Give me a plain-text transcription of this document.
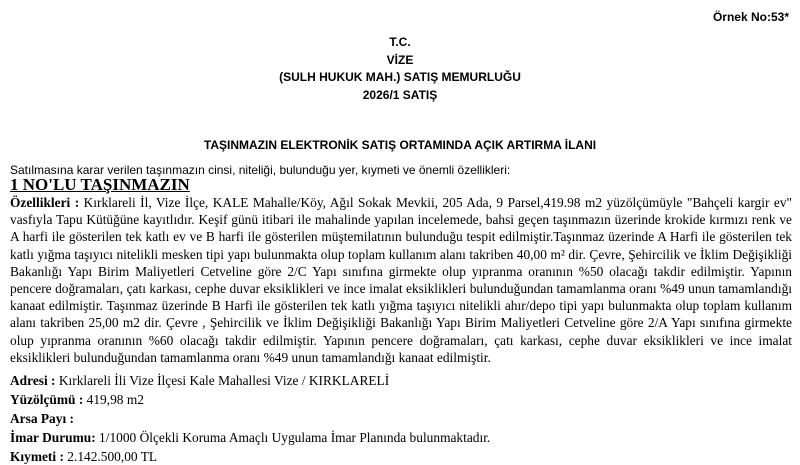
Örnek No:53*
T.C.
VİZE
(SULH HUKUK MAH.) SATIŞ MEMURLUĞU
2026/1 SATIŞ
TAŞINMAZIN ELEKTRONİK SATIŞ ORTAMINDA AÇIK ARTIRMA İLANI
Satılmasına karar verilen taşınmazın cinsi, niteliği, bulunduğu yer, kıymeti ve önemli özellikleri:
1 NO'LU TAŞINMAZIN
Özellikleri : Kırklareli İl, Vize İlçe, KALE Mahalle/Köy, Ağıl Sokak Mevkii, 205 Ada, 9 Parsel,419.98 m2 yüzölçümüyle "Bahçeli kargir ev" vasfıyla Tapu Kütüğüne kayıtlıdır. Keşif günü itibari ile mahalinde yapılan incelemede, bahsi geçen taşınmazın üzerinde krokide kırmızı renk ve A harfi ile gösterilen tek katlı ev ve B harfi ile gösterilen müştemilatının bulunduğu tespit edilmiştir.Taşınmaz üzerinde A Harfi ile gösterilen tek katlı yığma taşıyıcı nitelikli mesken tipi yapı bulunmakta olup toplam kullanım alanı takriben 40,00 m² dir. Çevre, Şehircilik ve İklim Değişikliği Bakanlığı Yapı Birim Maliyetleri Cetveline göre 2/C Yapı sınıfına girmekte olup yıpranma oranının %50 olacağı takdir edilmiştir. Yapının pencere doğramaları, çatı karkası, cephe duvar eksiklikleri ve ince imalat eksiklikleri bulunduğundan tamamlanma oranı %49 unun tamamlandığı kanaat edilmiştir. Taşınmaz üzerinde B Harfi ile gösterilen tek katlı yığma taşıyıcı nitelikli ahır/depo tipi yapı bulunmakta olup toplam kullanım alanı takriben 25,00 m2 dir. Çevre , Şehircilik ve İklim Değişikliği Bakanlığı Yapı Birim Maliyetleri Cetveline göre 2/A Yapı sınıfına girmekte olup yıpranma oranının %60 olacağı takdir edilmiştir. Yapının pencere doğramaları, çatı karkası, cephe duvar eksiklikleri ve ince imalat eksiklikleri bulunduğundan tamamlanma oranı %49 unun tamamlandığı kanaat edilmiştir.
Adresi : Kırklareli İli Vize İlçesi Kale Mahallesi Vize / KIRKLARELİ
Yüzölçümü : 419,98 m2
Arsa Payı :
İmar Durumu: 1/1000 Ölçekli Koruma Amaçlı Uygulama İmar Planında bulunmaktadır.
Kıymeti : 2.142.500,00 TL
